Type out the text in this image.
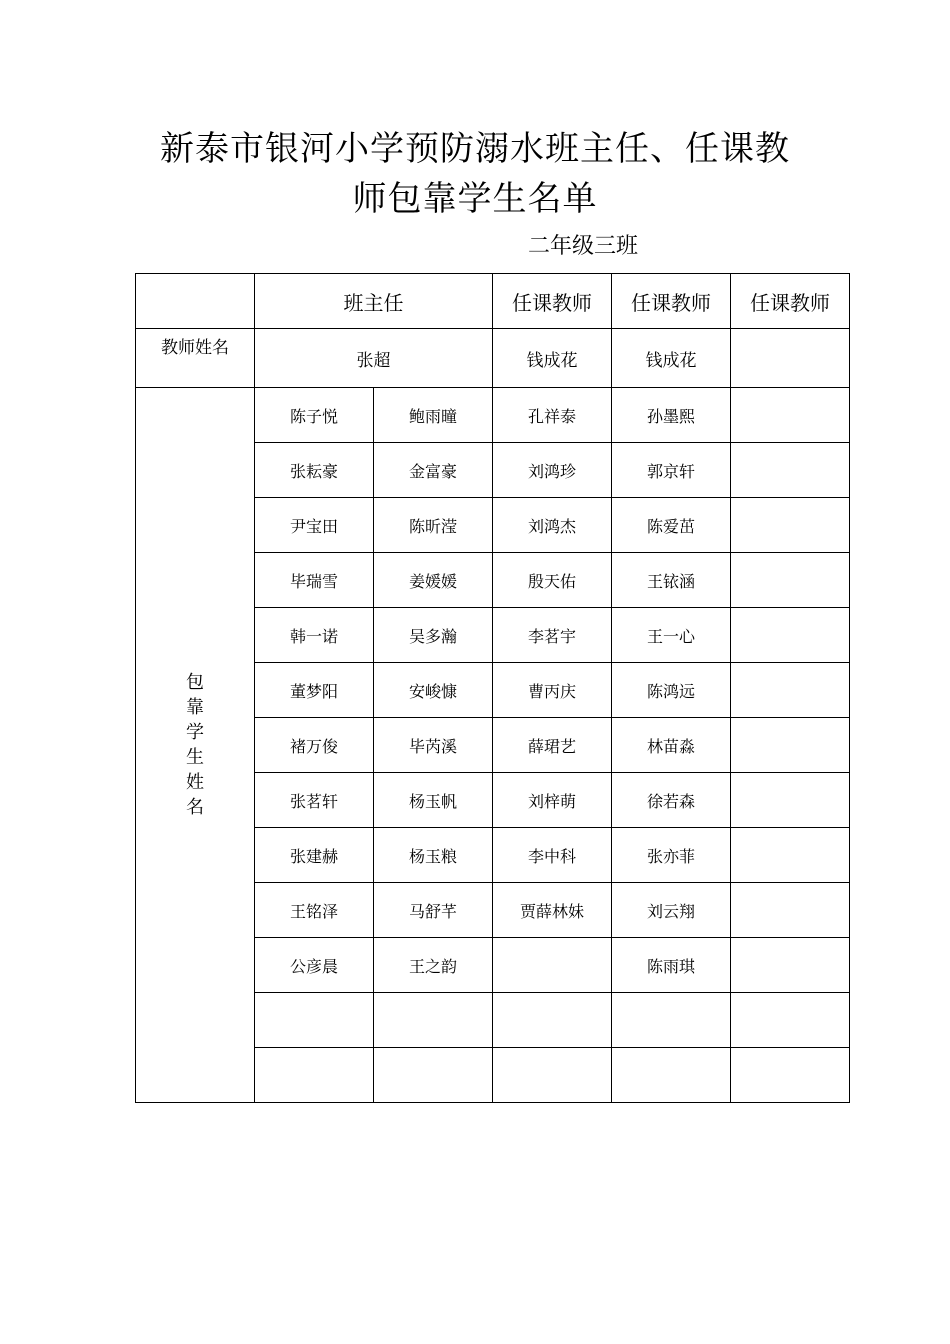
新泰市银河小学预防溺水班主任、任课教
师包靠学生名单
二年级三班
	班主任		任课教师	任课教师	任课教师
教师姓名	张超		钱成花	钱成花	
包靠学生姓名	陈子悦	鲍雨曈	孔祥泰	孙墨熙	
	张耘豪	金富豪	刘鸿珍	郭京轩	
	尹宝田	陈昕滢	刘鸿杰	陈爱茁	
	毕瑞雪	姜媛媛	殷天佑	王铱涵	
	韩一诺	吴多瀚	李茗宇	王一心	
	董梦阳	安峻慷	曹丙庆	陈鸿远	
	褚万俊	毕芮溪	薛珺艺	林苗淼	
	张茗轩	杨玉帆	刘梓萌	徐若森	
	张建赫	杨玉粮	李中科	张亦菲	
	王铭泽	马舒芊	贾薛林妹	刘云翔	
	公彦晨	王之韵		陈雨琪	
